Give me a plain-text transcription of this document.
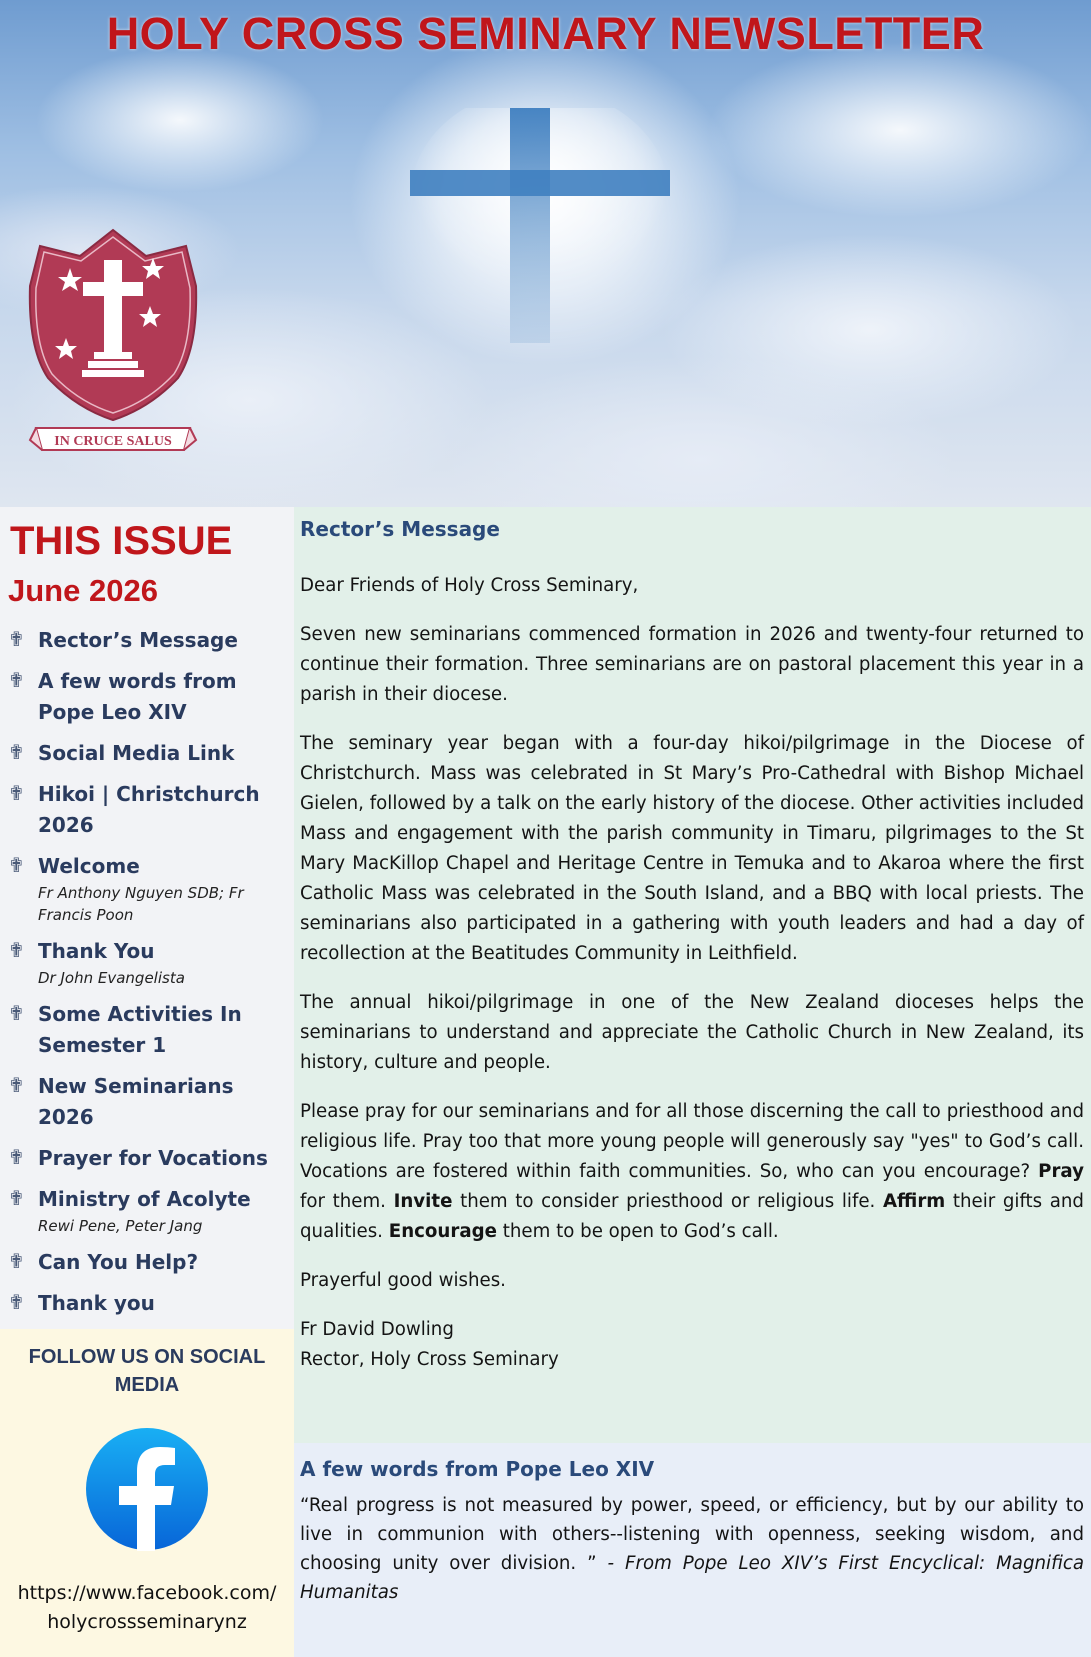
HOLY CROSS SEMINARY NEWSLETTER
IN CRUCE SALUS
THIS ISSUE
June 2026
✟ Rector’s Message
✟ A few words from Pope Leo XIV
✟ Social Media Link
✟ Hikoi | Christchurch 2026
✟ Welcome
Fr Anthony Nguyen SDB; Fr Francis Poon
✟ Thank You
Dr John Evangelista
✟ Some Activities In Semester 1
✟ New Seminarians 2026
✟ Prayer for Vocations
✟ Ministry of Acolyte
Rewi Pene, Peter Jang
✟ Can You Help?
✟ Thank you

FOLLOW US ON SOCIAL MEDIA

https://www.facebook.com/
holycrossseminarynz
Rector’s Message

Dear Friends of Holy Cross Seminary,

Seven new seminarians commenced formation in 2026 and twenty-four returned to continue their formation. Three seminarians are on pastoral placement this year in a parish in their diocese.

The seminary year began with a four-day hikoi/pilgrimage in the Diocese of Christchurch. Mass was celebrated in St Mary’s Pro-Cathedral with Bishop Michael Gielen, followed by a talk on the early history of the diocese. Other activities included Mass and engagement with the parish community in Timaru, pilgrimages to the St Mary MacKillop Chapel and Heritage Centre in Temuka and to Akaroa where the first Catholic Mass was celebrated in the South Island, and a BBQ with local priests. The seminarians also participated in a gathering with youth leaders and had a day of recollection at the Beatitudes Community in Leithfield.

The annual hikoi/pilgrimage in one of the New Zealand dioceses helps the seminarians to understand and appreciate the Catholic Church in New Zealand, its history, culture and people.

Please pray for our seminarians and for all those discerning the call to priesthood and religious life. Pray too that more young people will generously say "yes" to God’s call. Vocations are fostered within faith communities. So, who can you encourage? Pray for them. Invite them to consider priesthood or religious life. Affirm their gifts and qualities. Encourage them to be open to God’s call.

Prayerful good wishes.

Fr David Dowling

Rector, Holy Cross Seminary

A few words from Pope Leo XIV

“Real progress is not measured by power, speed, or efficiency, but by our ability to live in communion with others--listening with openness, seeking wisdom, and choosing unity over division. ” - From Pope Leo XIV’s First Encyclical: Magnifica Humanitas
